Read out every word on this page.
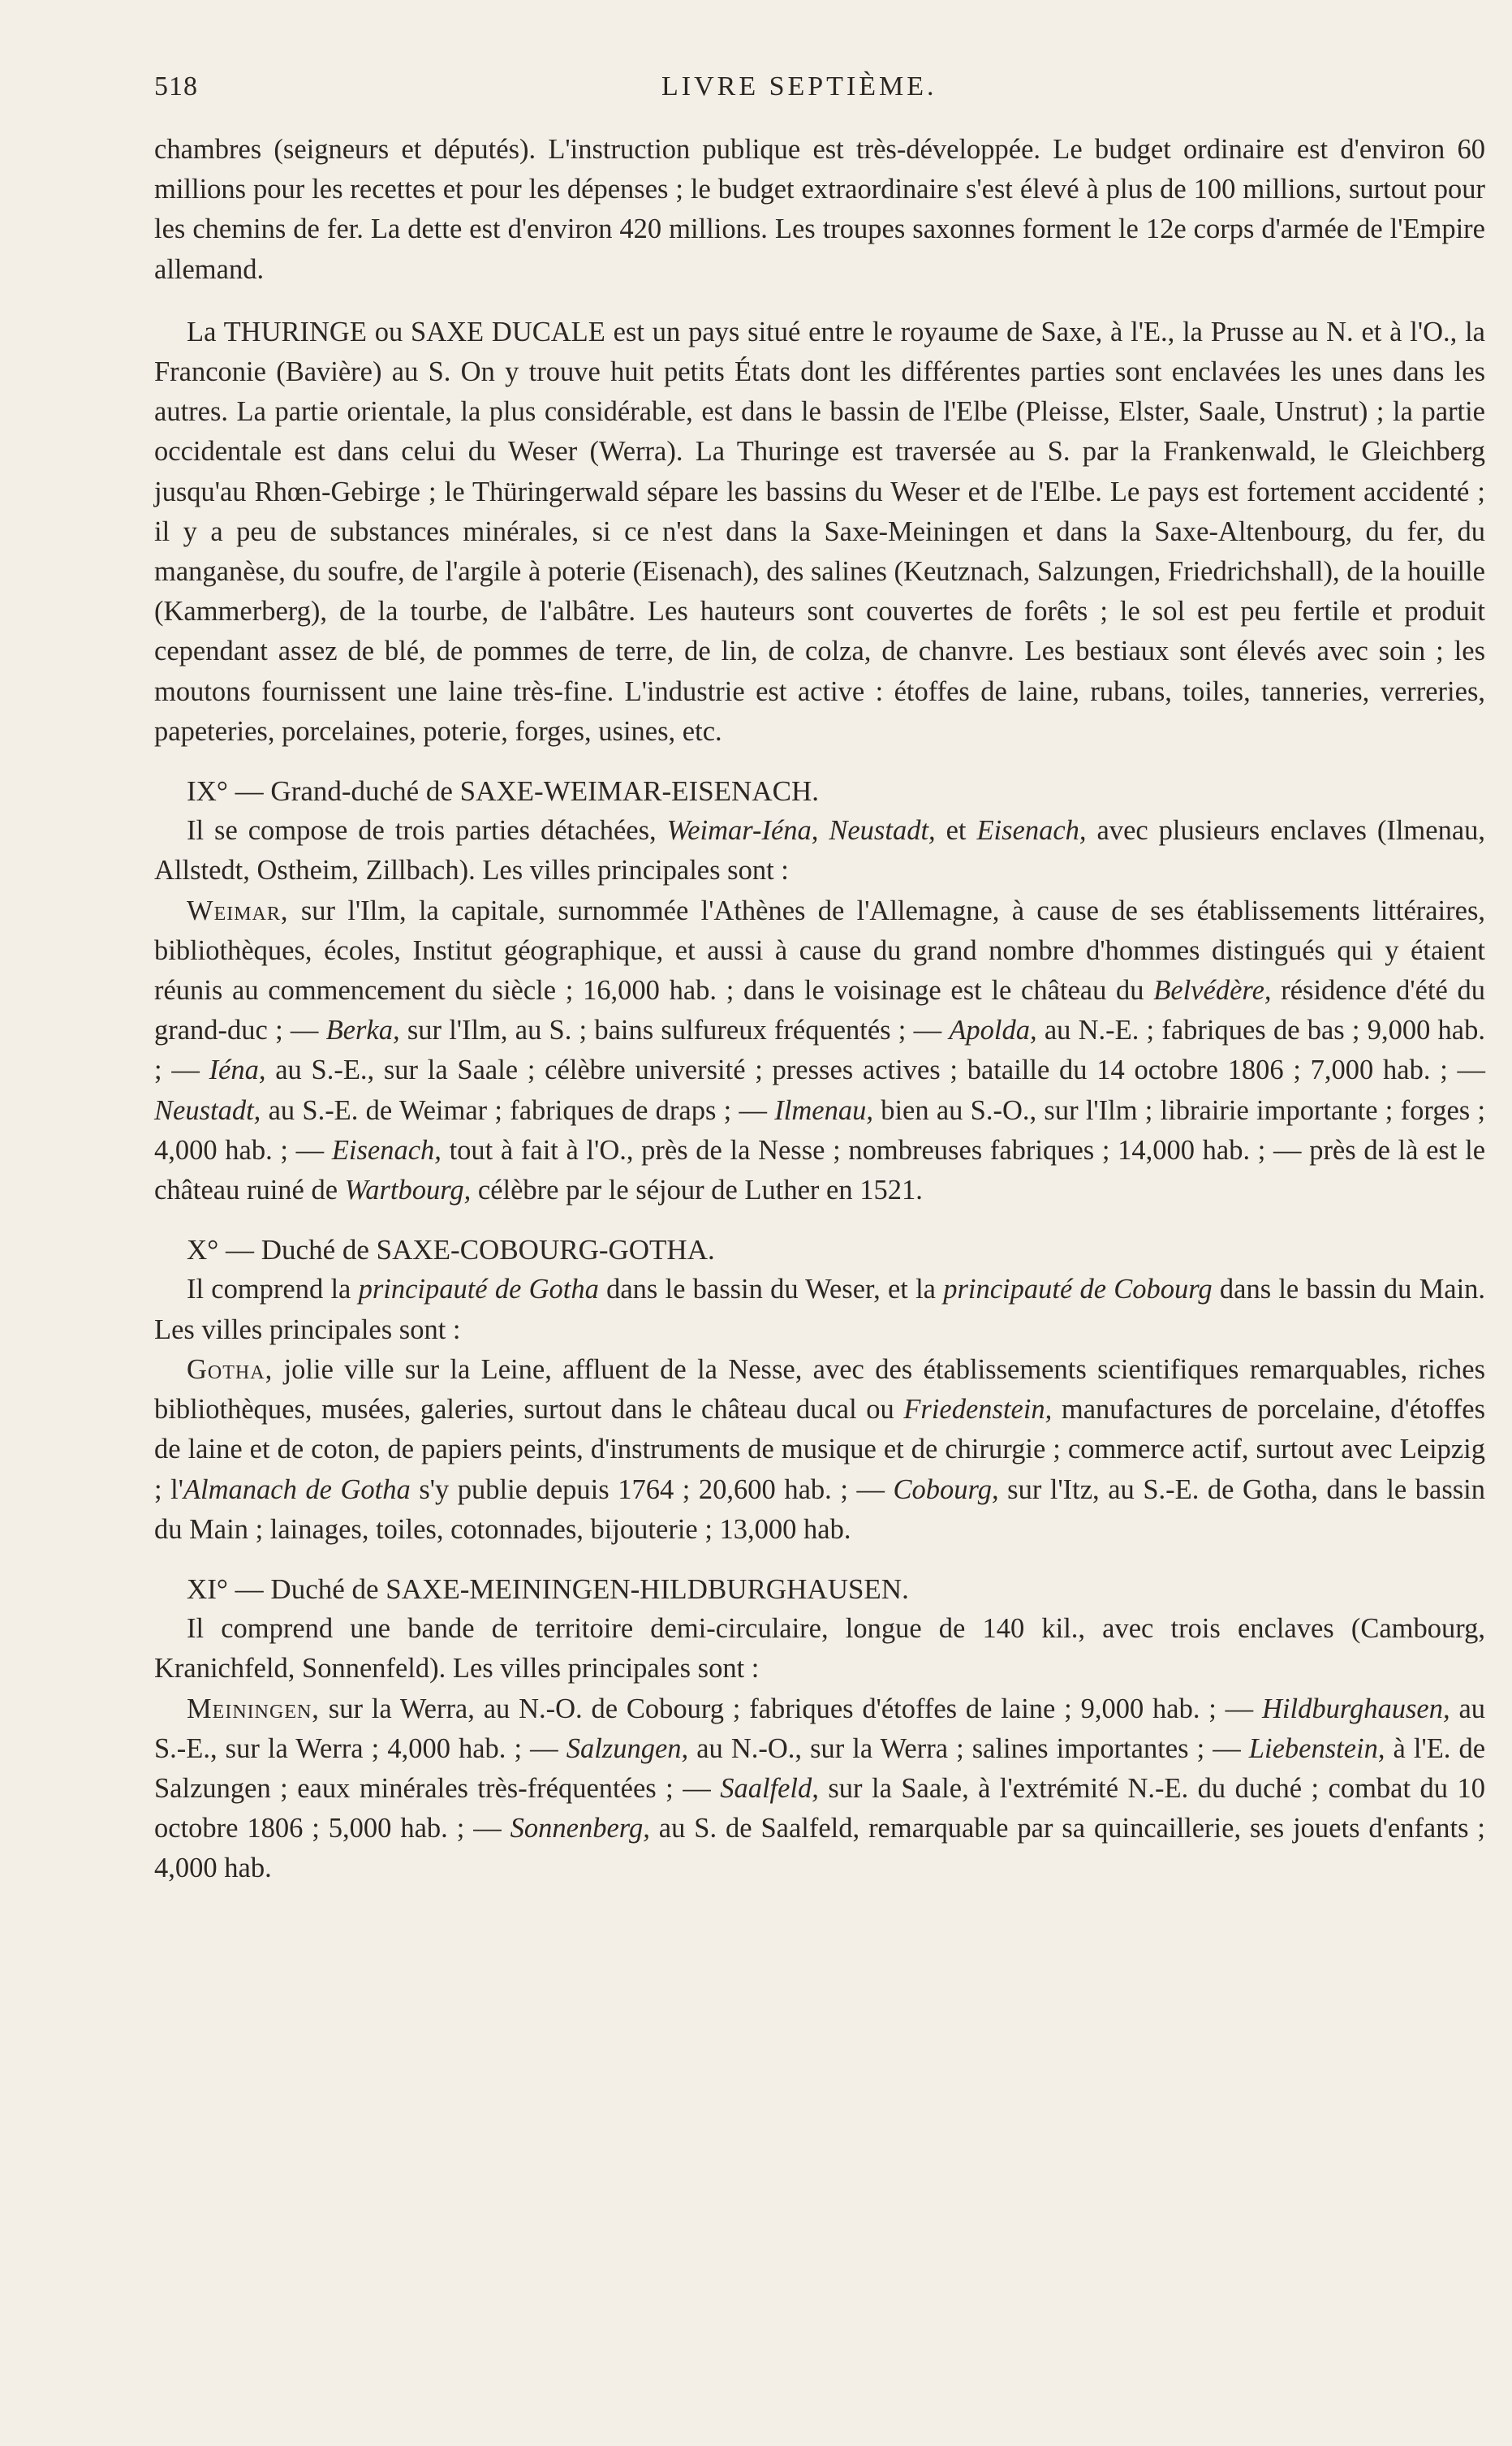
518	LIVRE SEPTIÈME.

chambres (seigneurs et députés). L'instruction publique est très-développée. Le budget ordinaire est d'environ 60 millions pour les recettes et pour les dépenses ; le budget extraordinaire s'est élevé à plus de 100 millions, surtout pour les chemins de fer. La dette est d'environ 420 millions. Les troupes saxonnes forment le 12e corps d'armée de l'Empire allemand.

La THURINGE ou SAXE DUCALE est un pays situé entre le royaume de Saxe, à l'E., la Prusse au N. et à l'O., la Franconie (Bavière) au S. On y trouve huit petits États dont les différentes parties sont enclavées les unes dans les autres. La partie orientale, la plus considérable, est dans le bassin de l'Elbe (Pleisse, Elster, Saale, Unstrut) ; la partie occidentale est dans celui du Weser (Werra). La Thuringe est traversée au S. par la Frankenwald, le Gleichberg jusqu'au Rhœn-Gebirge ; le Thüringerwald sépare les bassins du Weser et de l'Elbe. Le pays est fortement accidenté ; il y a peu de substances minérales, si ce n'est dans la Saxe-Meiningen et dans la Saxe-Altenbourg, du fer, du manganèse, du soufre, de l'argile à poterie (Eisenach), des salines (Keutznach, Salzungen, Friedrichshall), de la houille (Kammerberg), de la tourbe, de l'albâtre. Les hauteurs sont couvertes de forêts ; le sol est peu fertile et produit cependant assez de blé, de pommes de terre, de lin, de colza, de chanvre. Les bestiaux sont élevés avec soin ; les moutons fournissent une laine très-fine. L'industrie est active : étoffes de laine, rubans, toiles, tanneries, verreries, papeteries, porcelaines, poterie, forges, usines, etc.

IX° — Grand-duché de SAXE-WEIMAR-EISENACH.

Il se compose de trois parties détachées, Weimar-Iéna, Neustadt, et Eisenach, avec plusieurs enclaves (Ilmenau, Allstedt, Ostheim, Zillbach). Les villes principales sont :

Weimar, sur l'Ilm, la capitale, surnommée l'Athènes de l'Allemagne, à cause de ses établissements littéraires, bibliothèques, écoles, Institut géographique, et aussi à cause du grand nombre d'hommes distingués qui y étaient réunis au commencement du siècle ; 16,000 hab. ; dans le voisinage est le château du Belvédère, résidence d'été du grand-duc ; — Berka, sur l'Ilm, au S. ; bains sulfureux fréquentés ; — Apolda, au N.-E. ; fabriques de bas ; 9,000 hab. ; — Iéna, au S.-E., sur la Saale ; célèbre université ; presses actives ; bataille du 14 octobre 1806 ; 7,000 hab. ; — Neustadt, au S.-E. de Weimar ; fabriques de draps ; — Ilmenau, bien au S.-O., sur l'Ilm ; librairie importante ; forges ; 4,000 hab. ; — Eisenach, tout à fait à l'O., près de la Nesse ; nombreuses fabriques ; 14,000 hab. ; — près de là est le château ruiné de Wartbourg, célèbre par le séjour de Luther en 1521.

X° — Duché de SAXE-COBOURG-GOTHA.

Il comprend la principauté de Gotha dans le bassin du Weser, et la principauté de Cobourg dans le bassin du Main. Les villes principales sont :

Gotha, jolie ville sur la Leine, affluent de la Nesse, avec des établissements scientifiques remarquables, riches bibliothèques, musées, galeries, surtout dans le château ducal ou Friedenstein, manufactures de porcelaine, d'étoffes de laine et de coton, de papiers peints, d'instruments de musique et de chirurgie ; commerce actif, surtout avec Leipzig ; l'Almanach de Gotha s'y publie depuis 1764 ; 20,600 hab. ; — Cobourg, sur l'Itz, au S.-E. de Gotha, dans le bassin du Main ; lainages, toiles, cotonnades, bijouterie ; 13,000 hab.

XI° — Duché de SAXE-MEININGEN-HILDBURGHAUSEN.

Il comprend une bande de territoire demi-circulaire, longue de 140 kil., avec trois enclaves (Cambourg, Kranichfeld, Sonnenfeld). Les villes principales sont :

Meiningen, sur la Werra, au N.-O. de Cobourg ; fabriques d'étoffes de laine ; 9,000 hab. ; — Hildburghausen, au S.-E., sur la Werra ; 4,000 hab. ; — Salzungen, au N.-O., sur la Werra ; salines importantes ; — Liebenstein, à l'E. de Salzungen ; eaux minérales très-fréquentées ; — Saalfeld, sur la Saale, à l'extrémité N.-E. du duché ; combat du 10 octobre 1806 ; 5,000 hab. ; — Sonnenberg, au S. de Saalfeld, remarquable par sa quincaillerie, ses jouets d'enfants ; 4,000 hab.
